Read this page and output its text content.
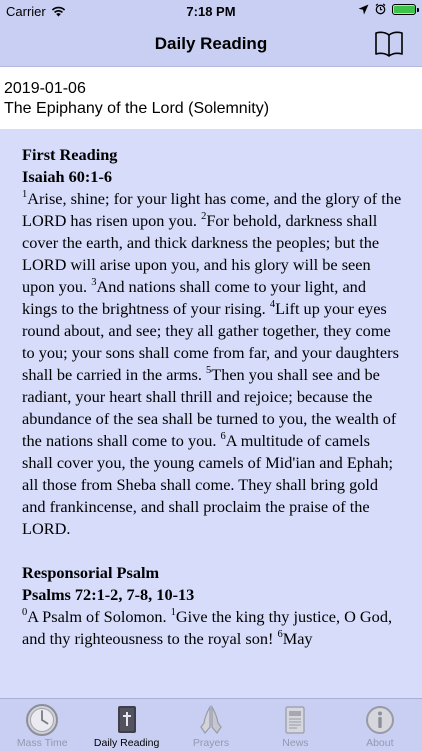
Carrier	7:18 PM
Daily Reading
2019-01-06
The Epiphany of the Lord (Solemnity)
First Reading
Isaiah 60:1-6

$^1$Arise, shine; for your light has come, and the glory of the LORD has risen upon you. $^2$For behold, darkness shall cover the earth, and thick darkness the peoples; but the LORD will arise upon you, and his glory will be seen upon you. $^3$And nations shall come to your light, and kings to the brightness of your rising. $^4$Lift up your eyes round about, and see; they all gather together, they come to you; your sons shall come from far, and your daughters shall be carried in the arms. $^5$Then you shall see and be radiant, your heart shall thrill and rejoice; because the abundance of the sea shall be turned to you, the wealth of the nations shall come to you. $^6$A multitude of camels shall cover you, the young camels of Mid'ian and Ephah; all those from Sheba shall come. They shall bring gold and frankincense, and shall proclaim the praise of the LORD.

Responsorial Psalm
Psalms 72:1-2, 7-8, 10-13

$^0$A Psalm of Solomon. $^1$Give the king thy justice, O God, and thy righteousness to the royal son! $^6$May

Mass Time	Daily Reading	Prayers	News	About
